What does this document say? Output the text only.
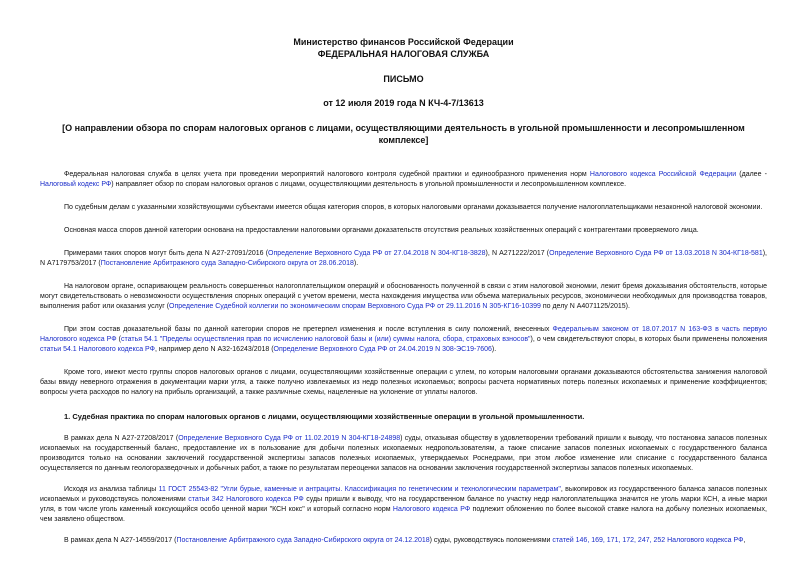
Министерство финансов Российской Федерации
ФЕДЕРАЛЬНАЯ НАЛОГОВАЯ СЛУЖБА
ПИСЬМО
от 12 июля 2019 года N КЧ-4-7/13613
[О направлении обзора по спорам налоговых органов с лицами, осуществляющими деятельность в угольной промышленности и лесопромышленном комплексе]

Федеральная налоговая служба в целях учета при проведении мероприятий налогового контроля судебной практики и единообразного применения норм Налогового кодекса Российской Федерации (далее - Налоговый кодекс РФ) направляет обзор по спорам налоговых органов с лицами, осуществляющими деятельность в угольной промышленности и лесопромышленном комплексе.

По судебным делам с указанными хозяйствующими субъектами имеется общая категория споров, в которых налоговыми органами доказывается получение налогоплательщиками незаконной налоговой экономии.

Основная масса споров данной категории основана на предоставлении налоговыми органами доказательств отсутствия реальных хозяйственных операций с контрагентами проверяемого лица.

Примерами таких споров могут быть дела N А27-27091/2016 (Определение Верховного Суда РФ от 27.04.2018 N 304-КГ18-3828), N А271222/2017 (Определение Верховного Суда РФ от 13.03.2018 N 304-КГ18-581), N А7179753/2017 (Постановление Арбитражного суда Западно-Сибирского округа от 28.06.2018).

На налоговом органе, оспаривающем реальность совершенных налогоплательщиком операций и обоснованность полученной в связи с этим налоговой экономии, лежит бремя доказывания обстоятельств, которые могут свидетельствовать о невозможности осуществления спорных операций с учетом времени, места нахождения имущества или объема материальных ресурсов, экономически необходимых для производства товаров, выполнения работ или оказания услуг (Определение Судебной коллегии по экономическим спорам Верховного Суда РФ от 29.11.2016 N 305-КГ16-10399 по делу N А4071125/2015).

При этом состав доказательной базы по данной категории споров не претерпел изменения и после вступления в силу положений, внесенных Федеральным законом от 18.07.2017 N 163-ФЗ в часть первую Налогового кодекса РФ (статья 54.1 "Пределы осуществления прав по исчислению налоговой базы и (или) суммы налога, сбора, страховых взносов"), о чем свидетельствуют споры, в которых были применены положения статьи 54.1 Налогового кодекса РФ, например дело N А32-16243/2018 (Определение Верховного Суда РФ от 24.04.2019 N 308-ЭС19-7606).

Кроме того, имеют место группы споров налоговых органов с лицами, осуществляющими хозяйственные операции с углем, по которым налоговыми органами доказываются обстоятельства занижения налоговой базы ввиду неверного отражения в документации марки угля, а также получно извлекаемых из недр полезных ископаемых; вопросы расчета нормативных потерь полезных ископаемых и применение коэффициентов; вопросы учета расходов по налогу на прибыль организаций, а также различные схемы, нацеленные на уклонение от уплаты налогов.

1. Судебная практика по спорам налоговых органов с лицами, осуществляющими хозяйственные операции в угольной промышленности.

В рамках дела N А27-27208/2017 (Определение Верховного Суда РФ от 11.02.2019 N 304-КГ18-24898) суды, отказывая обществу в удовлетворении требований пришли к выводу, что постановка запасов полезных ископаемых на государственный баланс, предоставление их в пользование для добычи полезных ископаемых недропользователям, а также списание запасов полезных ископаемых с государственного баланса производится только на основании заключений государственной экспертизы запасов полезных ископаемых, утверждаемых Роснедрами, при этом любое изменение или списание с государственного баланса осуществляется по данным геологоразведочных и добычных работ, а также по результатам переоценки запасов на основании заключения государственной экспертизы запасов полезных ископаемых.

Исходя из анализа таблицы 11 ГОСТ 25543-82 "Угли бурые, каменные и антрациты. Классификация по генетическим и технологическим параметрам", выкопировок из государственного баланса запасов полезных ископаемых и руководствуясь положениями статьи 342 Налогового кодекса РФ суды пришли к выводу, что на государственном балансе по участку недр налогоплательщика значится не уголь марки КСН, а иные марки угля, в том числе уголь каменный коксующийся особо ценной марки "КСН кокс" и который согласно норм Налогового кодекса РФ подлежит обложению по более высокой ставке налога на добычу полезных ископаемых, чем заявлено обществом.

В рамках дела N А27-14559/2017 (Постановление Арбитражного суда Западно-Сибирского округа от 24.12.2018) суды, руководствуясь положениями статей 146, 169, 171, 172, 247, 252 Налогового кодекса РФ,
